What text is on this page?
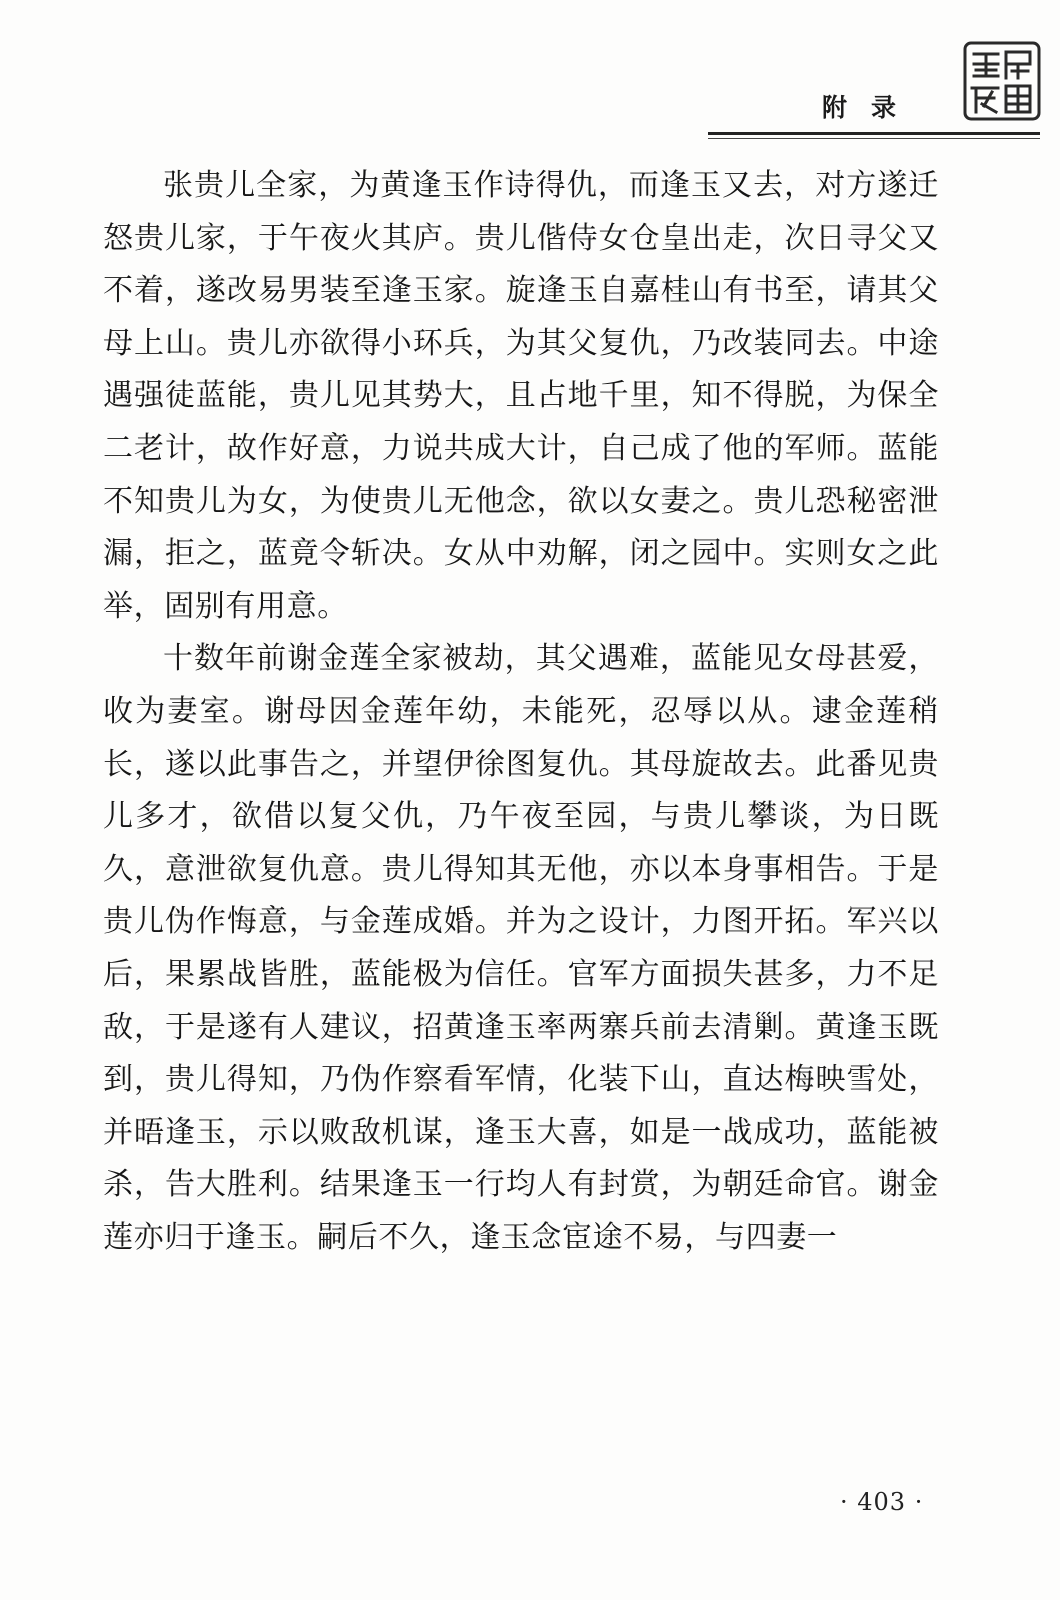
附录

张贵儿全家，为黄逢玉作诗得仇，而逢玉又去，对方遂迁怒贵儿家，于午夜火其庐。贵儿偕侍女仓皇出走，次日寻父又不着，遂改易男装至逢玉家。旋逢玉自嘉桂山有书至，请其父母上山。贵儿亦欲得小环兵，为其父复仇，乃改装同去。中途遇强徒蓝能，贵儿见其势大，且占地千里，知不得脱，为保全二老计，故作好意，力说共成大计，自己成了他的军师。蓝能不知贵儿为女，为使贵儿无他念，欲以女妻之。贵儿恐秘密泄漏，拒之，蓝竟令斩决。女从中劝解，闭之园中。实则女之此举，固别有用意。

十数年前谢金莲全家被劫，其父遇难，蓝能见女母甚爱，收为妻室。谢母因金莲年幼，未能死，忍辱以从。逮金莲稍长，遂以此事告之，并望伊徐图复仇。其母旋故去。此番见贵儿多才，欲借以复父仇，乃午夜至园，与贵儿攀谈，为日既久，意泄欲复仇意。贵儿得知其无他，亦以本身事相告。于是贵儿伪作悔意，与金莲成婚。并为之设计，力图开拓。军兴以后，果累战皆胜，蓝能极为信任。官军方面损失甚多，力不足敌，于是遂有人建议，招黄逢玉率两寨兵前去清剿。黄逢玉既到，贵儿得知，乃伪作察看军情，化装下山，直达梅映雪处，并晤逢玉，示以败敌机谋，逢玉大喜，如是一战成功，蓝能被杀，告大胜利。结果逢玉一行均人有封赏，为朝廷命官。谢金莲亦归于逢玉。嗣后不久，逢玉念宦途不易，与四妻一

· 403 ·
